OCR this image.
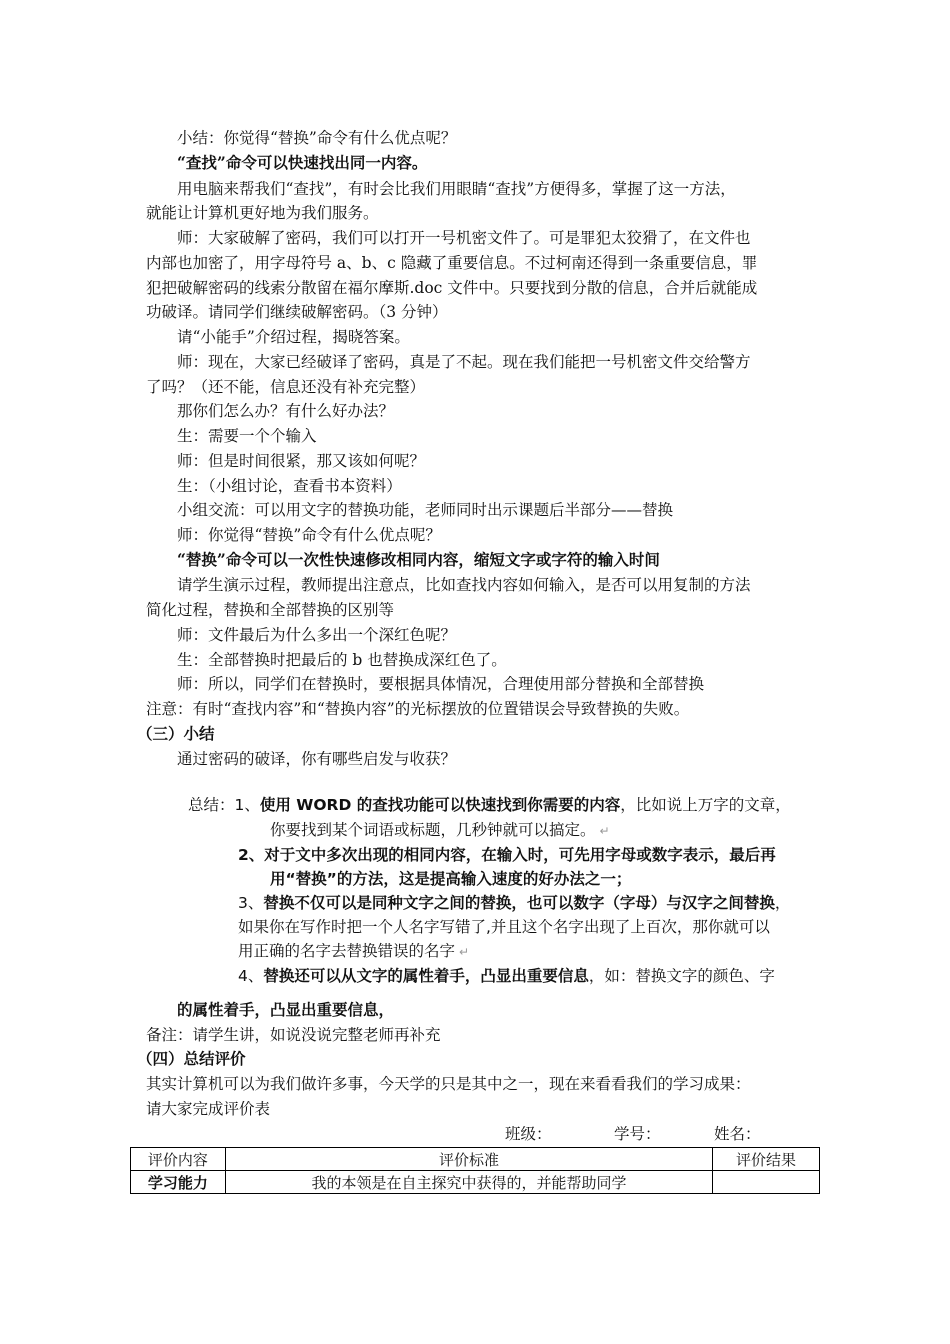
小结：你觉得“替换”命令有什么优点呢？
“查找”命令可以快速找出同一内容。
用电脑来帮我们“查找”，有时会比我们用眼睛“查找”方便得多，掌握了这一方法，
就能让计算机更好地为我们服务。
师：大家破解了密码，我们可以打开一号机密文件了。可是罪犯太狡猾了，在文件也
内部也加密了，用字母符号 a、b、c 隐藏了重要信息。不过柯南还得到一条重要信息，罪
犯把破解密码的线索分散留在福尔摩斯.doc 文件中。只要找到分散的信息，合并后就能成
功破译。请同学们继续破解密码。（3 分钟）
请“小能手”介绍过程，揭晓答案。
师：现在，大家已经破译了密码，真是了不起。现在我们能把一号机密文件交给警方
了吗？（还不能，信息还没有补充完整）
那你们怎么办？有什么好办法？
生：需要一个个输入
师：但是时间很紧，那又该如何呢？
生：（小组讨论，查看书本资料）
小组交流：可以用文字的替换功能，老师同时出示课题后半部分——替换
师：你觉得“替换”命令有什么优点呢？
“替换”命令可以一次性快速修改相同内容，缩短文字或字符的输入时间
请学生演示过程，教师提出注意点，比如查找内容如何输入，是否可以用复制的方法
简化过程，替换和全部替换的区别等
师：文件最后为什么多出一个深红色呢？
生：全部替换时把最后的 b 也替换成深红色了。
师：所以，同学们在替换时，要根据具体情况，合理使用部分替换和全部替换
注意：有时“查找内容”和“替换内容”的光标摆放的位置错误会导致替换的失败。
（三）小结
通过密码的破译，你有哪些启发与收获？
总结：1、使用 WORD 的查找功能可以快速找到你需要的内容，比如说上万字的文章，
你要找到某个词语或标题，几秒钟就可以搞定。 ↵
2、对于文中多次出现的相同内容，在输入时，可先用字母或数字表示，最后再
用“替换”的方法，这是提高输入速度的好办法之一；
3、替换不仅可以是同种文字之间的替换，也可以数字（字母）与汉字之间替换，
如果你在写作时把一个人名字写错了,并且这个名字出现了上百次，那你就可以
用正确的名字去替换错误的名字 ↵
4、替换还可以从文字的属性着手，凸显出重要信息，如：替换文字的颜色、字
的属性着手，凸显出重要信息，
备注：请学生讲，如说没说完整老师再补充
（四）总结评价
其实计算机可以为我们做许多事，今天学的只是其中之一，现在来看看我们的学习成果：
请大家完成评价表
班级：	学号：	姓名：
评价内容	评价标准	评价结果
学习能力	我的本领是在自主探究中获得的，并能帮助同学	
